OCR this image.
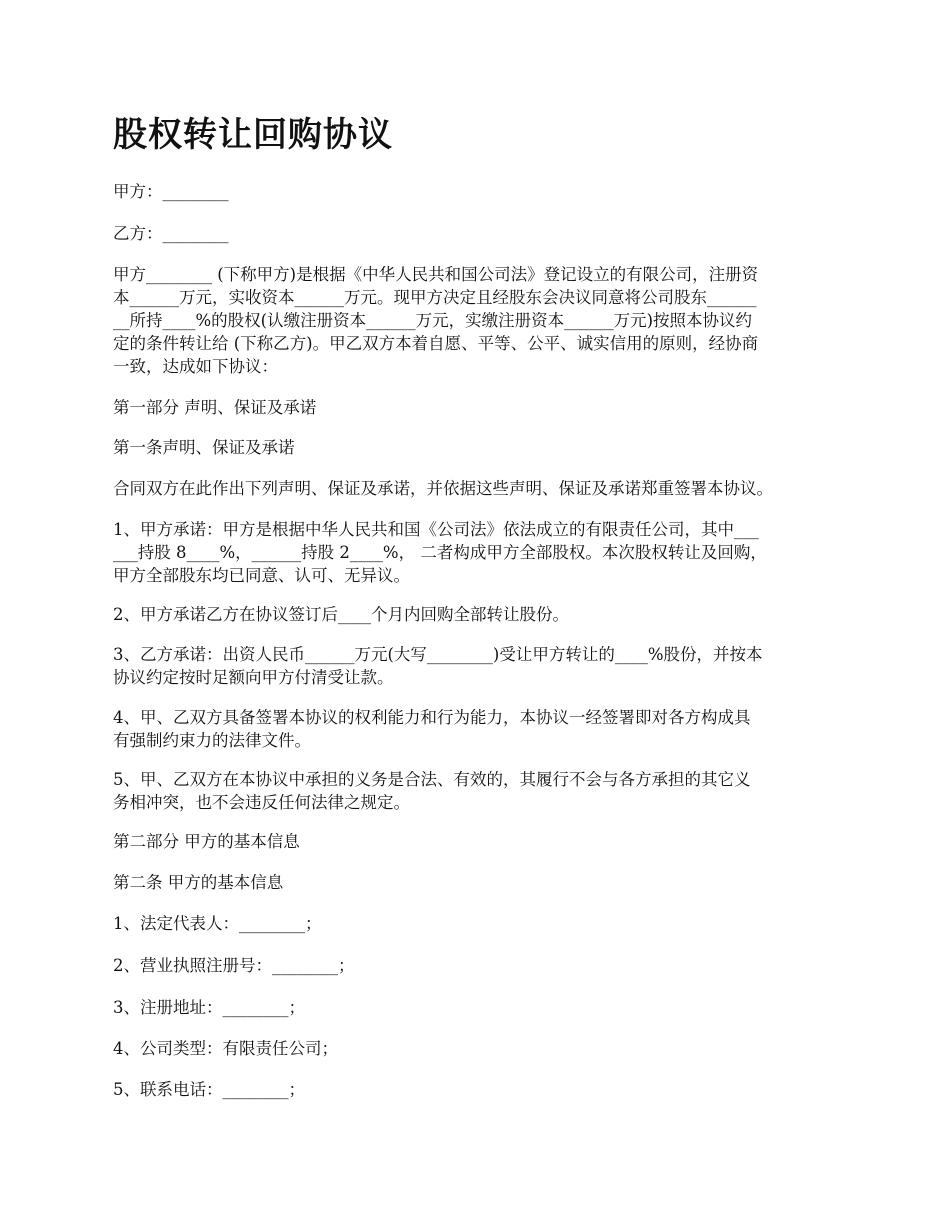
股权转让回购协议

甲方：________

乙方：________

甲方________ (下称甲方)是根据《中华人民共和国公司法》登记设立的有限公司，注册资
本______万元，实收资本______万元。现甲方决定且经股东会决议同意将公司股东______
__所持____%的股权(认缴注册资本______万元，实缴注册资本______万元)按照本协议约
定的条件转让给 (下称乙方)。甲乙双方本着自愿、平等、公平、诚实信用的原则，经协商
一致，达成如下协议：

第一部分 声明、保证及承诺

第一条声明、保证及承诺

合同双方在此作出下列声明、保证及承诺，并依据这些声明、保证及承诺郑重签署本协议。

1、甲方承诺：甲方是根据中华人民共和国《公司法》依法成立的有限责任公司，其中___
___持股 8____%，______持股 2____%， 二者构成甲方全部股权。本次股权转让及回购，
甲方全部股东均已同意、认可、无异议。

2、甲方承诺乙方在协议签订后____个月内回购全部转让股份。

3、乙方承诺：出资人民币______万元(大写________)受让甲方转让的____%股份，并按本
协议约定按时足额向甲方付清受让款。

4、甲、乙双方具备签署本协议的权利能力和行为能力，本协议一经签署即对各方构成具
有强制约束力的法律文件。

5、甲、乙双方在本协议中承担的义务是合法、有效的，其履行不会与各方承担的其它义
务相冲突，也不会违反任何法律之规定。

第二部分 甲方的基本信息

第二条 甲方的基本信息

1、法定代表人：________；

2、营业执照注册号：________；

3、注册地址：________；

4、公司类型：有限责任公司；

5、联系电话：________；
